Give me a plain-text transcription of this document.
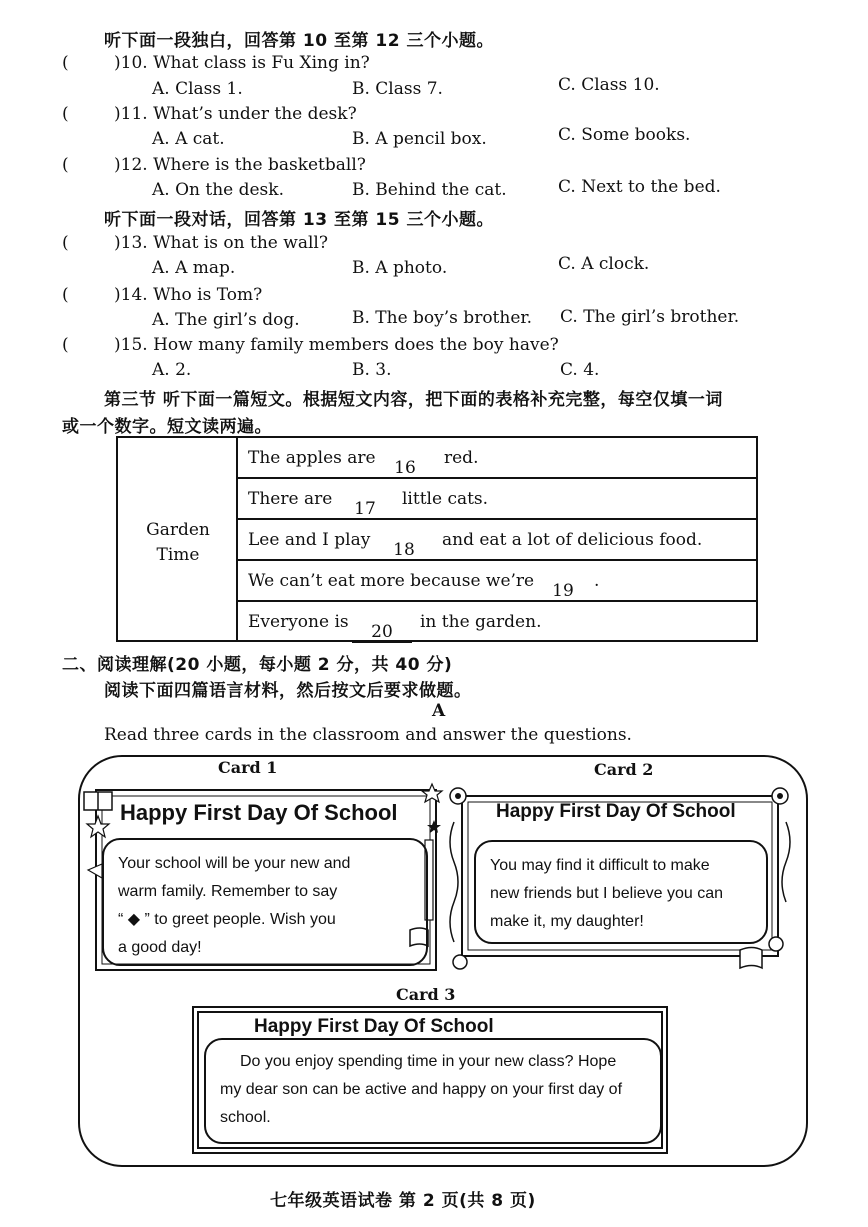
听下面一段独白，回答第 10 至第 12 三个小题。
(	)10. What class is Fu Xing in?
A. Class 1.	B. Class 7.	C. Class 10.
(	)11. What’s under the desk?
A. A cat.	B. A pencil box.	C. Some books.
(	)12. Where is the basketball?
A. On the desk.	B. Behind the cat.	C. Next to the bed.
听下面一段对话，回答第 13 至第 15 三个小题。
(	)13. What is on the wall?
A. A map.	B. A photo.	C. A clock.
(	)14. Who is Tom?
A. The girl’s dog.	B. The boy’s brother. C. The girl’s brother.
(	)15. How many family members does the boy have?
A. 2.	B. 3.	C. 4.
第三节 听下面一篇短文。根据短文内容，把下面的表格补充完整，每空仅填一词
或一个数字。短文读两遍。
Garden
Time
The apples are	16	red.
There are	17	little cats.
Lee and I play	18	and eat a lot of delicious food.
We can’t eat more because we’re	19	.
Everyone is	20	in the garden.
二、阅读理解(20 小题，每小题 2 分，共 40 分)
阅读下面四篇语言材料，然后按文后要求做题。
A
Read three cards in the classroom and answer the questions.
Card 1	Card 2
Card 3
Happy First Day Of School
Your school will be your new and
warm family. Remember to say
“ ◆ ” to greet people. Wish you
a good day!
Happy First Day Of School
You may find it difficult to make
new friends but I believe you can
make it, my daughter!
Happy First Day Of School
Do you enjoy spending time in your new class? Hope
my dear son can be active and happy on your first day of
school.
七年级英语试卷 第 2 页(共 8 页)
